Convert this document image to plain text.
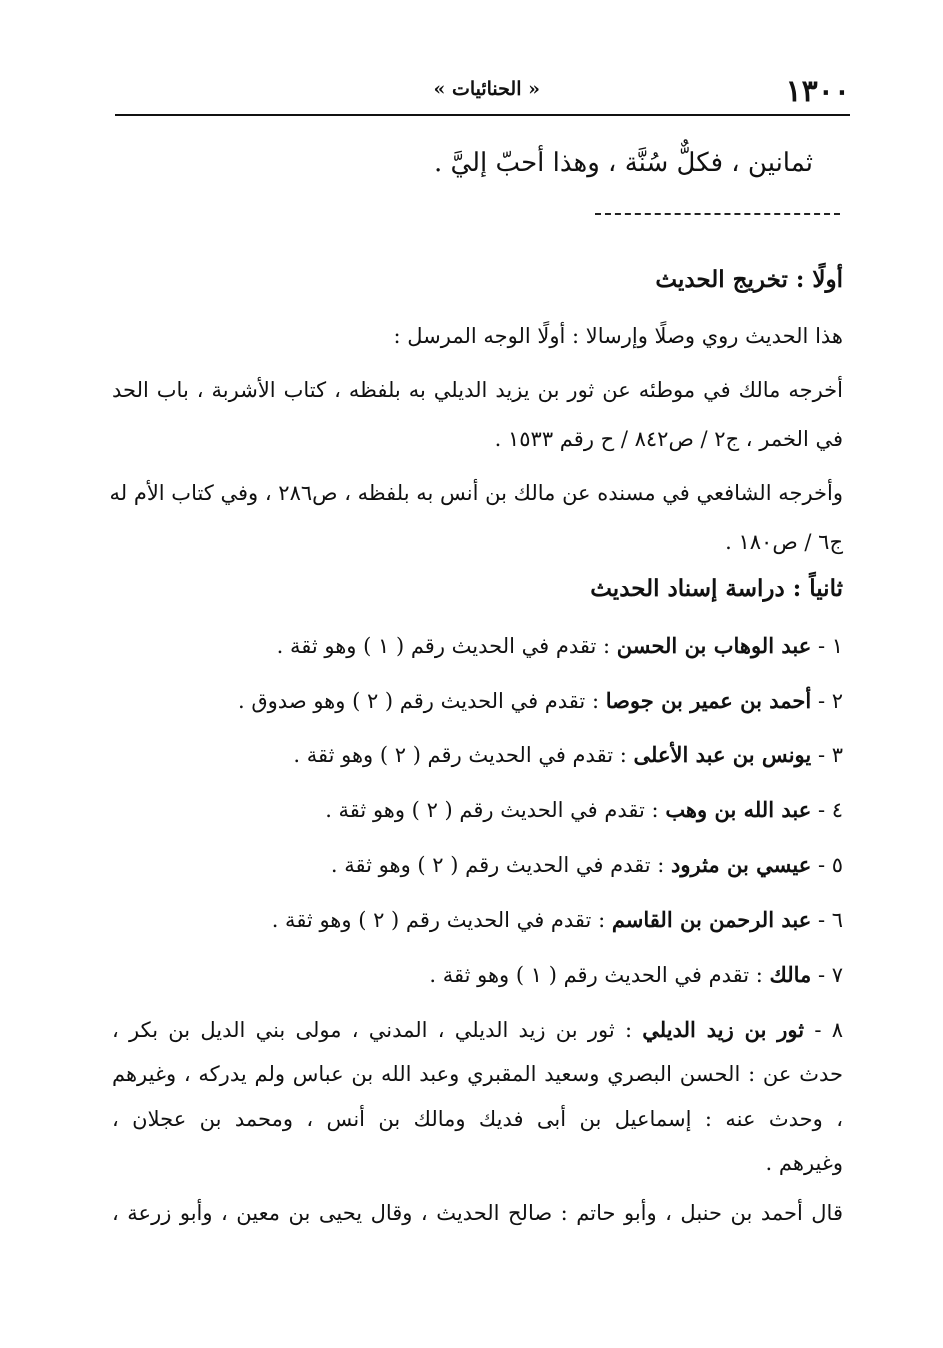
١٣٠٠
« الحنائيات »
ثمانين ، فكلٌّ سُنَّة ، وهذا أحبّ إليَّ .
أولًا : تخريج الحديث
هذا الحديث روي وصلًا وإرسالا : أولًا الوجه المرسل :
أخرجه مالك في موطئه عن ثور بن يزيد الديلي به بلفظه ، كتاب الأشربة ، باب الحد
في الخمر ، ج٢ / ص٨٤٢ / ح رقم ١٥٣٣ .
وأخرجه الشافعي في مسنده عن مالك بن أنس به بلفظه ، ص٢٨٦ ، وفي كتاب الأم له
ج٦ / ص١٨٠ .
ثانياً : دراسة إسناد الحديث
١ - عبد الوهاب بن الحسن : تقدم في الحديث رقم ( ١ ) وهو ثقة .
٢ - أحمد بن عمير بن جوصا : تقدم في الحديث رقم ( ٢ ) وهو صدوق .
٣ - يونس بن عبد الأعلى : تقدم في الحديث رقم ( ٢ ) وهو ثقة .
٤ - عبد الله بن وهب : تقدم في الحديث رقم ( ٢ ) وهو ثقة .
٥ - عيسي بن مثرود : تقدم في الحديث رقم ( ٢ ) وهو ثقة .
٦ - عبد الرحمن بن القاسم : تقدم في الحديث رقم ( ٢ ) وهو ثقة .
٧ - مالك : تقدم في الحديث رقم ( ١ ) وهو ثقة .
٨ - ثور بن زيد الديلي : ثور بن زيد الديلي ، المدني ، مولى بني الديل بن بكر ،
حدث عن : الحسن البصري وسعيد المقبري وعبد الله بن عباس ولم يدركه ، وغيرهم
، وحدث عنه : إسماعيل بن أبى فديك ومالك بن أنس ، ومحمد بن عجلان ،
وغيرهم .
قال أحمد بن حنبل ، وأبو حاتم : صالح الحديث ، وقال يحيى بن معين ، وأبو زرعة ،
